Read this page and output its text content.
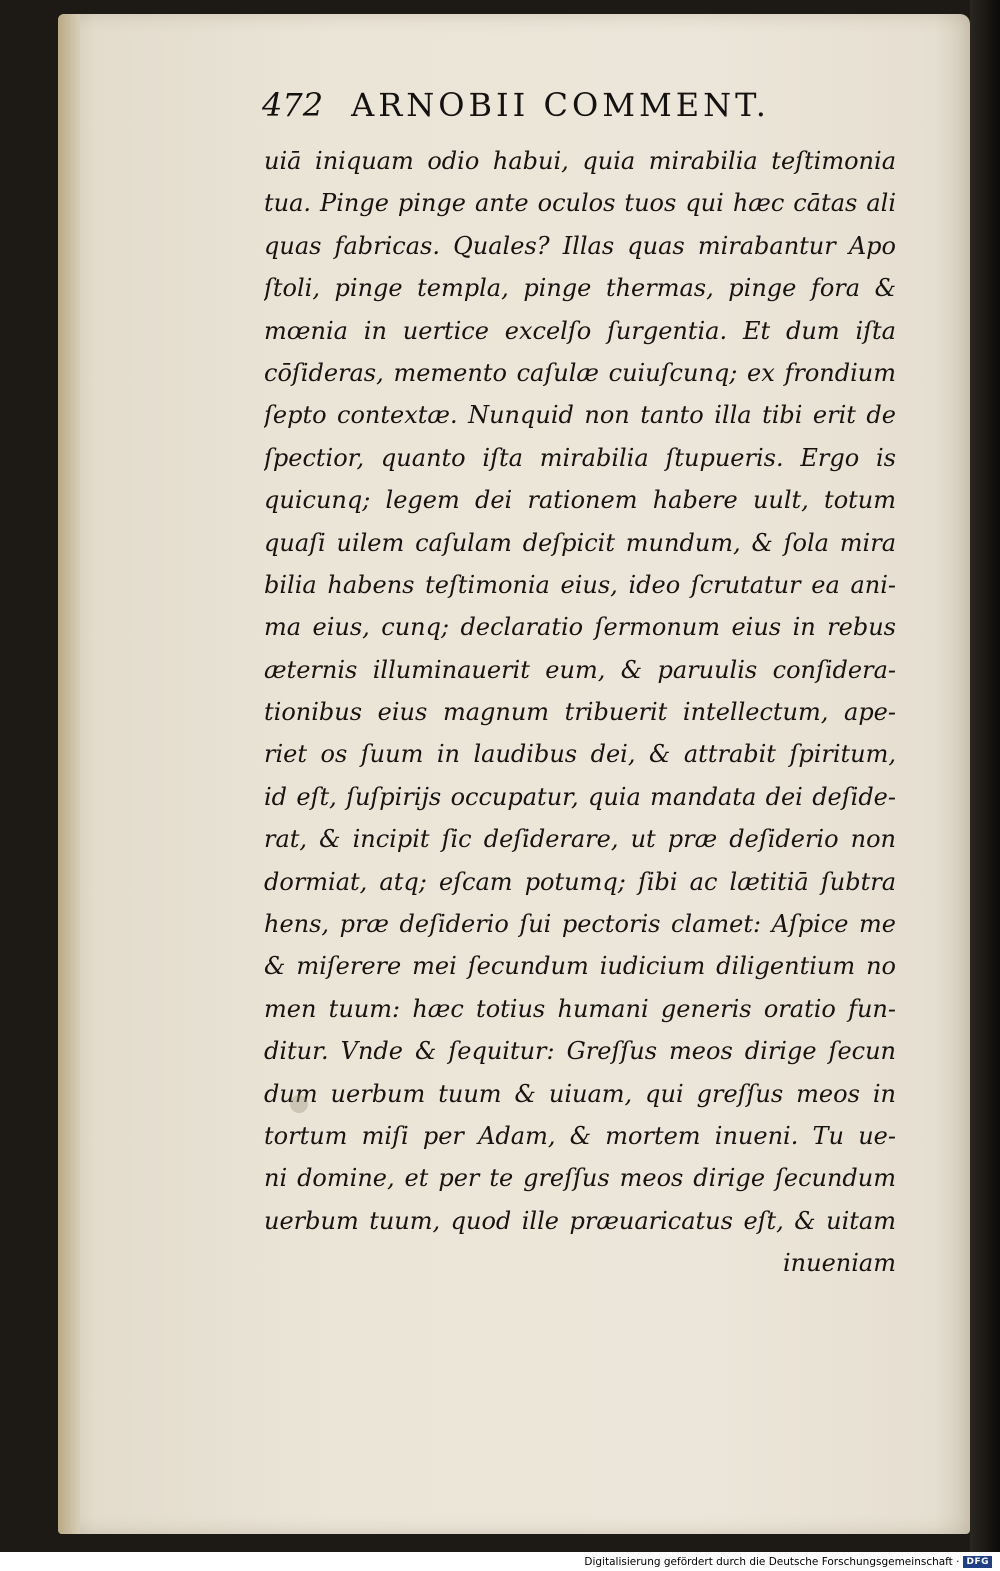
472 ARNOBII COMMENT.
uiā iniquam odio habui, quia mirabilia teſtimonia
tua. Pinge pinge ante oculos tuos qui hæc cātas ali
quas fabricas. Quales? Illas quas mirabantur Apo
ſtoli, pinge templa, pinge thermas, pinge fora &
mœnia in uertice excelſo ſurgentia. Et dum iſta
cōſideras, memento caſulæ cuiuſcunq; ex frondium
ſepto contextæ. Nunquid non tanto illa tibi erit de
ſpectior, quanto iſta mirabilia ſtupueris. Ergo is
quicunq; legem dei rationem habere uult, totum
quaſi uilem caſulam deſpicit mundum, & ſola mira
bilia habens teſtimonia eius, ideo ſcrutatur ea ani-
ma eius, cunq; declaratio ſermonum eius in rebus
æternis illuminauerit eum, & paruulis conſidera-
tionibus eius magnum tribuerit intellectum, ape-
riet os ſuum in laudibus dei, & attrabit ſpiritum,
id eſt, ſuſpirijs occupatur, quia mandata dei deſide-
rat, & incipit ſic deſiderare, ut præ deſiderio non
dormiat, atq; eſcam potumq; ſibi ac lætitiā ſubtra
hens, præ deſiderio ſui pectoris clamet: Aſpice me
& miſerere mei ſecundum iudicium diligentium no
men tuum: hæc totius humani generis oratio fun-
ditur. Vnde & ſequitur: Greſſus meos dirige ſecun
dum uerbum tuum & uiuam, qui greſſus meos in
tortum miſi per Adam, & mortem inueni. Tu ue-
ni domine, et per te greſſus meos dirige ſecundum
uerbum tuum, quod ille præuaricatus eſt, & uitam
inueniam
Digitalisierung gefördert durch die Deutsche Forschungsgemeinschaft · DFG
